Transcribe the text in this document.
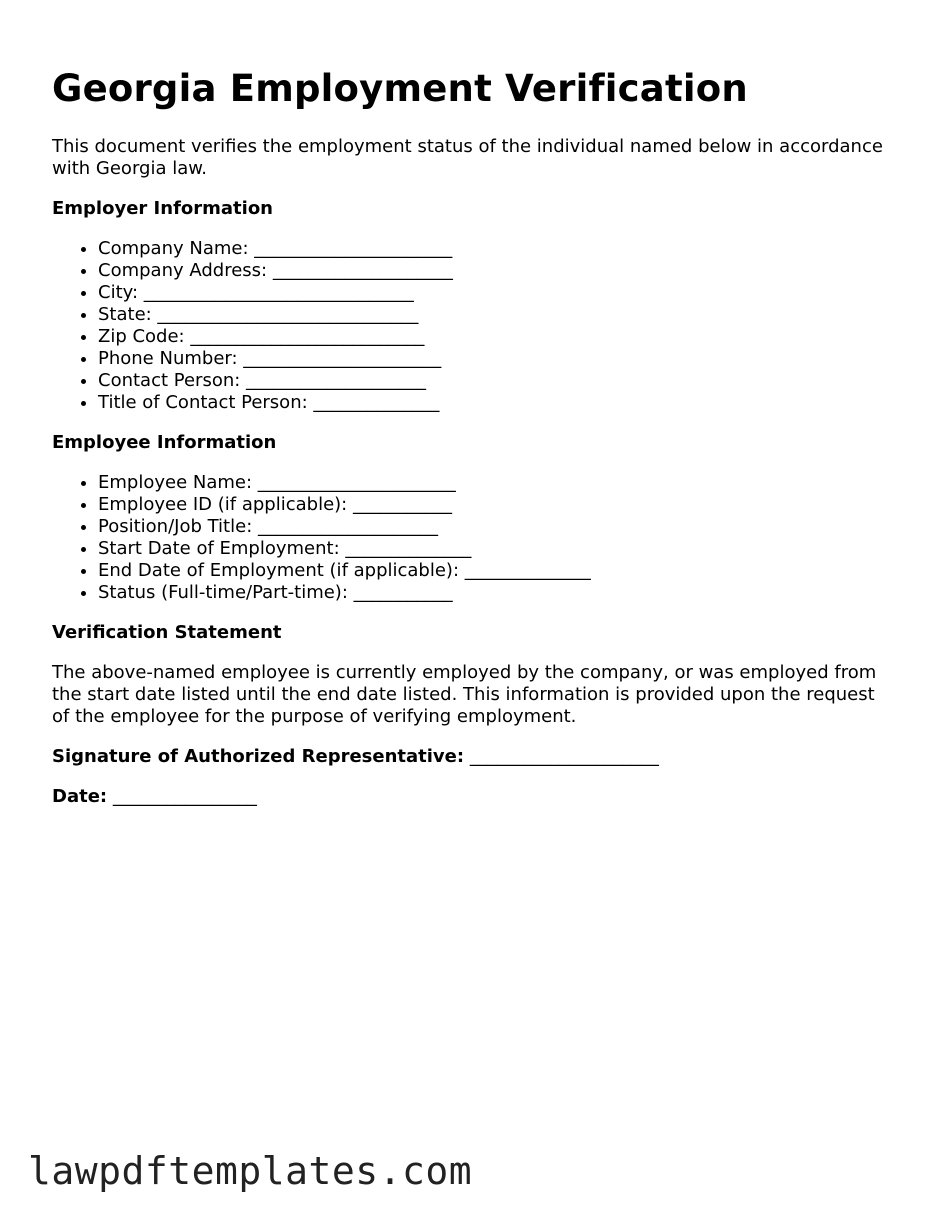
Georgia Employment Verification

This document verifies the employment status of the individual named below in accordance with Georgia law.

Employer Information
• Company Name: ______________________
• Company Address: ____________________
• City: ______________________________
• State: _____________________________
• Zip Code: __________________________
• Phone Number: ______________________
• Contact Person: ____________________
• Title of Contact Person: ______________
Employee Information
• Employee Name: ______________________
• Employee ID (if applicable): ___________
• Position/Job Title: ____________________
• Start Date of Employment: ______________
• End Date of Employment (if applicable): ______________
• Status (Full-time/Part-time): ___________
Verification Statement

The above-named employee is currently employed by the company, or was employed from the start date listed until the end date listed. This information is provided upon the request of the employee for the purpose of verifying employment.

Signature of Authorized Representative: _____________________

Date: ________________

lawpdftemplates.com
